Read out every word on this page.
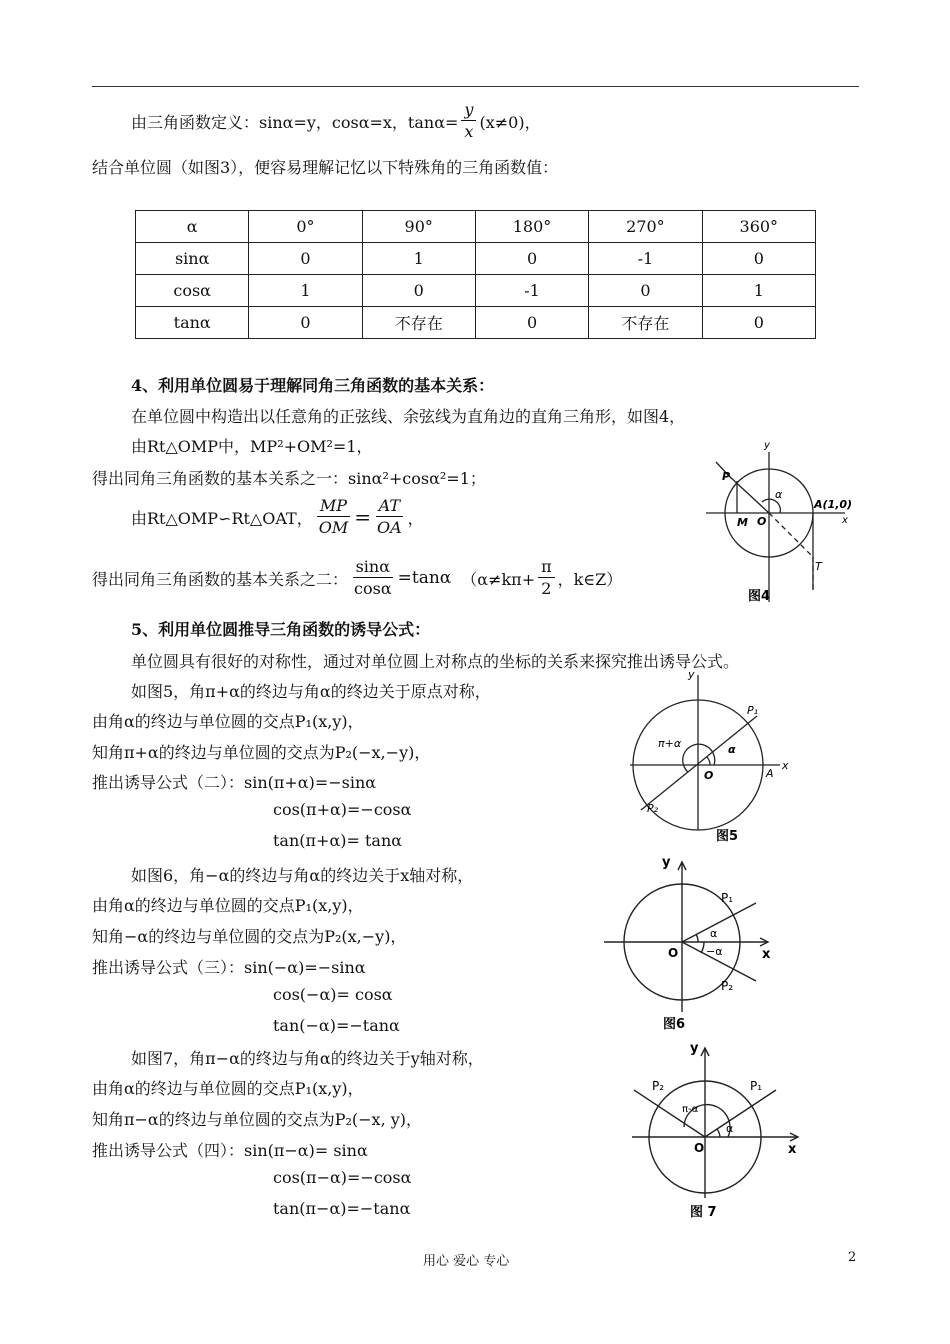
由三角函数定义：sinα=y，cosα=x，$\tan\alpha= \frac{y}{x} (x\ne 0)$，
结合单位圆（如图3），便容易理解记忆以下特殊角的三角函数值：
α	0°	90°	180°	270°	360°
sinα	0	1	0	-1	0
cosα	1	0	-1	0	1
tanα	0	不存在	0	不存在	0
4、利用单位圆易于理解同角三角函数的基本关系：
在单位圆中构造出以任意角的正弦线、余弦线为直角边的直角三角形，如图4，
由Rt△OMP中，MP²+OM²=1，
得出同角三角函数的基本关系之一：sinα²+cosα²=1；
由Rt△OMP∽Rt△OAT， $\frac{MP}{OM} = \frac{AT}{OA}$ ，
得出同角三角函数的基本关系之二： $\frac{\sin\alpha}{\cos\alpha} =\tan\alpha$ （$\alpha\ne k\pi+ \frac{\pi}{2}$ ，k∈Z）
y
x
P
M O
A(1,0)
T
α
图4
5、利用单位圆推导三角函数的诱导公式：
单位圆具有很好的对称性，通过对单位圆上对称点的坐标的关系来探究推出诱导公式。
如图5，角π+α的终边与角α的终边关于原点对称，
由角α的终边与单位圆的交点P₁(x,y)，
知角π+α的终边与单位圆的交点为P₂(−x,−y)，
推出诱导公式（二）：sin(π+α)=−sinα
cos(π+α)=−cosα
tan(π+α)= tanα
y
x
P₁
P₂
O	A
α
π+α
图5
如图6，角−α的终边与角α的终边关于x轴对称，
由角α的终边与单位圆的交点P₁(x,y)，
知角−α的终边与单位圆的交点为P₂(x,−y)，
推出诱导公式（三）：sin(−α)=−sinα
cos(−α)= cosα
tan(−α)=−tanα
y
x
P₁
P₂
O
α
−α
图6
如图7，角π−α的终边与角α的终边关于y轴对称，
由角α的终边与单位圆的交点P₁(x,y)，
知角π−α的终边与单位圆的交点为P₂(−x, y)，
推出诱导公式（四）：sin(π−α)= sinα
cos(π−α)=−cosα
tan(π−α)=−tanα
y
x
P₁
P₂
O
α
π-α
图 7
用心 爱心 专心	2
